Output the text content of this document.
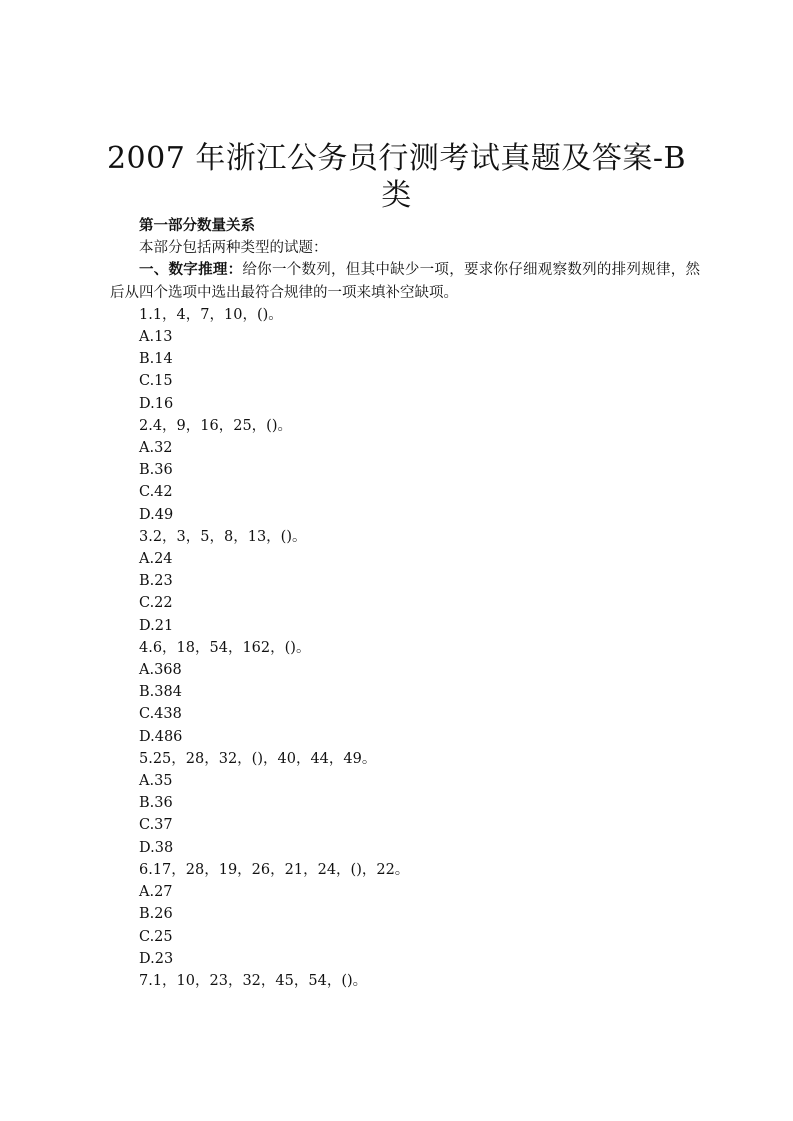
2007 年浙江公务员行测考试真题及答案-B
类
第一部分数量关系
本部分包括两种类型的试题：
一、数字推理：给你一个数列，但其中缺少一项，要求你仔细观察数列的排列规律，然后从四个选项中选出最符合规律的一项来填补空缺项。
1.1，4，7，10，()。
A.13
B.14
C.15
D.16
2.4，9，16，25，()。
A.32
B.36
C.42
D.49
3.2，3，5，8，13，()。
A.24
B.23
C.22
D.21
4.6，18，54，162，()。
A.368
B.384
C.438
D.486
5.25，28，32，()，40，44，49。
A.35
B.36
C.37
D.38
6.17，28，19，26，21，24，()，22。
A.27
B.26
C.25
D.23
7.1，10，23，32，45，54，()。
